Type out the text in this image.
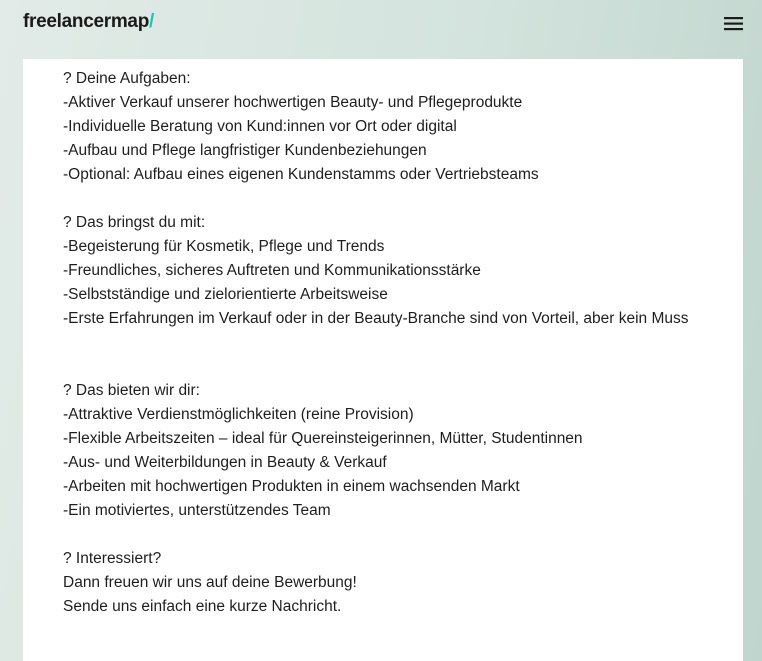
freelancermap/
? Deine Aufgaben:
-Aktiver Verkauf unserer hochwertigen Beauty- und Pflegeprodukte
-Individuelle Beratung von Kund:innen vor Ort oder digital
-Aufbau und Pflege langfristiger Kundenbeziehungen
-Optional: Aufbau eines eigenen Kundenstamms oder Vertriebsteams
? Das bringst du mit:
-Begeisterung für Kosmetik, Pflege und Trends
-Freundliches, sicheres Auftreten und Kommunikationsstärke
-Selbstständige und zielorientierte Arbeitsweise
-Erste Erfahrungen im Verkauf oder in der Beauty-Branche sind von Vorteil, aber kein Muss
? Das bieten wir dir:
-Attraktive Verdienstmöglichkeiten (reine Provision)
-Flexible Arbeitszeiten – ideal für Quereinsteigerinnen, Mütter, Studentinnen
-Aus- und Weiterbildungen in Beauty & Verkauf
-Arbeiten mit hochwertigen Produkten in einem wachsenden Markt
-Ein motiviertes, unterstützendes Team
? Interessiert?
Dann freuen wir uns auf deine Bewerbung!
Sende uns einfach eine kurze Nachricht.
